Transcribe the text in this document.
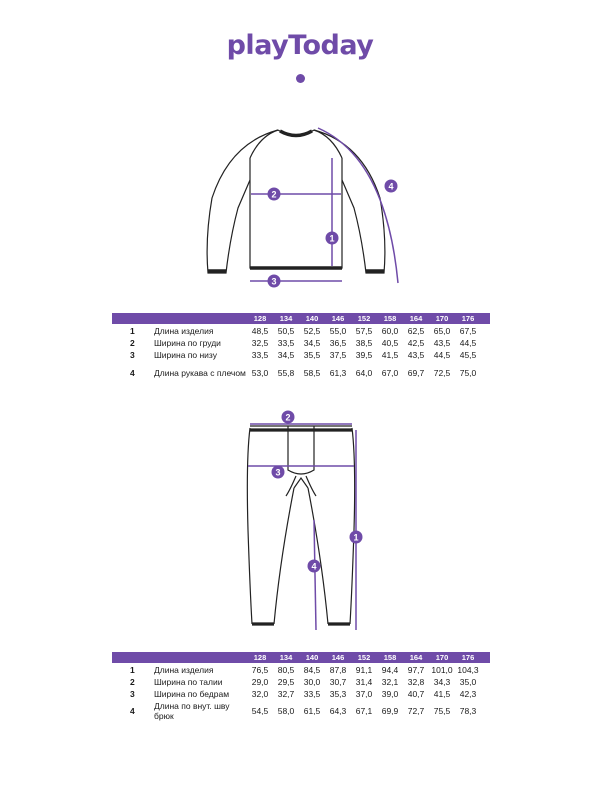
playToday
1
2
3
4
128	134	140	146	152	158	164	170	176
1 Длина изделия	48,5	50,5	52,5	55,0	57,5	60,0	62,5	65,0	67,5
2 Ширина по груди	32,5	33,5	34,5	36,5	38,5	40,5	42,5	43,5	44,5
3 Ширина по низу	33,5	34,5	35,5	37,5	39,5	41,5	43,5	44,5	45,5
4 Длина рукава с плечом 53,0	55,8	58,5	61,3	64,0	67,0	69,7	72,5	75,0
1
2
3
4
128	134	140	146	152	158	164	170	176
1 Длина изделия	76,5	80,5	84,5	87,8	91,1	94,4	97,7 101,0 104,3
2 Ширина по талии	29,0	29,5	30,0	30,7	31,4	32,1	32,8	34,3	35,0
3 Ширина по бедрам	32,0	32,7	33,5	35,3	37,0	39,0	40,7	41,5	42,3
4 Длина по внут. шву брюк	54,5	58,0	61,5	64,3	67,1	69,9	72,7	75,5	78,3
